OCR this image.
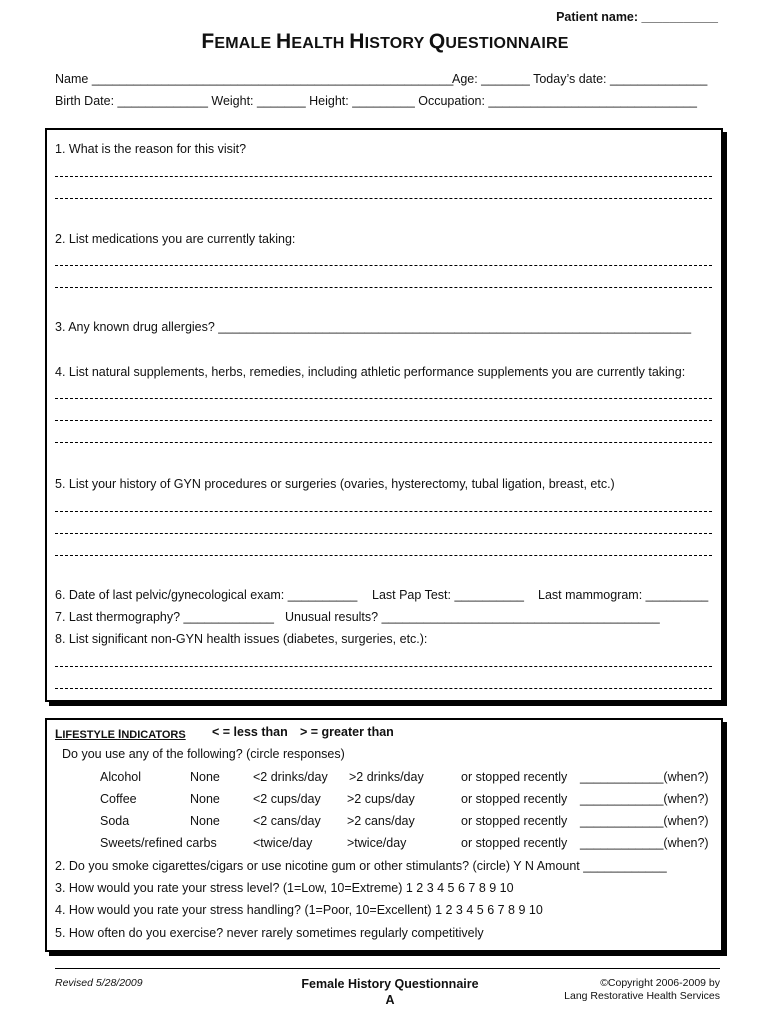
Patient name: ___________
FEMALE HEALTH HISTORY QUESTIONNAIRE
Name ____________________________________________________
Age: _______ Today’s date: ______________
Birth Date: _____________ Weight: _______ Height: _________ Occupation: ______________________________
1. What is the reason for this visit?
2. List medications you are currently taking:
3. Any known drug allergies? ____________________________________________________________________
4. List natural supplements, herbs, remedies, including athletic performance supplements you are currently taking:
5. List your history of GYN procedures or surgeries (ovaries, hysterectomy, tubal ligation, breast, etc.)
6. Date of last pelvic/gynecological exam: __________ Last Pap Test: __________ Last mammogram: _________
7. Last thermography? _____________ Unusual results? ________________________________________
8. List significant non-GYN health issues (diabetes, surgeries, etc.):
LIFESTYLE INDICATORS < = less than > = greater than
Do you use any of the following? (circle responses)
Alcohol	None	<2 drinks/day >2 drinks/day	or stopped recently ____________(when?)
Coffee	None	<2 cups/day >2 cups/day	or stopped recently ____________(when?)
Soda	None	<2 cans/day >2 cans/day	or stopped recently ____________(when?)
Sweets/refined carbs	<twice/day	>twice/day	or stopped recently ____________(when?)
2. Do you smoke cigarettes/cigars or use nicotine gum or other stimulants? (circle) Y N Amount ____________
3. How would you rate your stress level? (1=Low, 10=Extreme) 1 2 3 4 5 6 7 8 9 10
4. How would you rate your stress handling? (1=Poor, 10=Excellent) 1 2 3 4 5 6 7 8 9 10
5. How often do you exercise? never rarely sometimes regularly competitively
Revised 5/28/2009	Female History Questionnaire
A
©Copyright 2006-2009 by
Lang Restorative Health Services
